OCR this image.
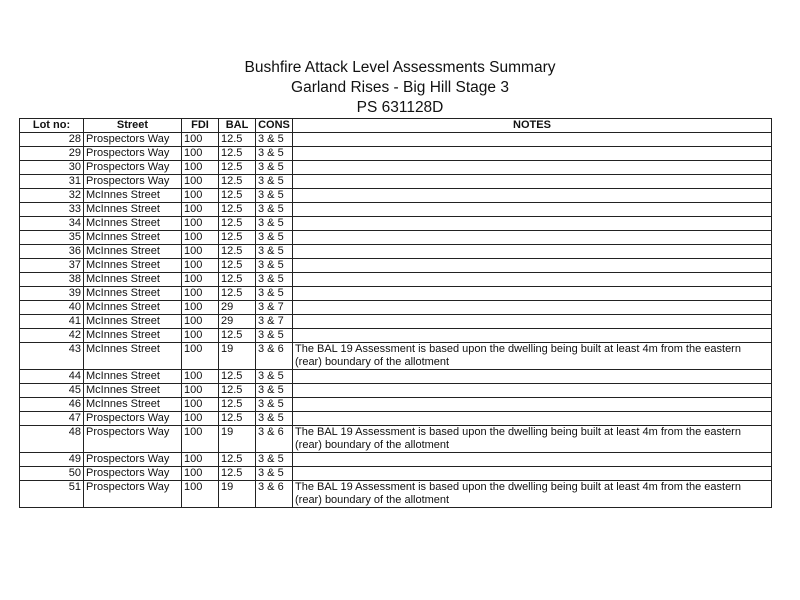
Bushfire Attack Level Assessments Summary
Garland Rises - Big Hill Stage 3
PS 631128D
Lot no:	Street	FDI	BAL	CONS	NOTES
28	Prospectors Way	100	12.5	3 & 5	
29	Prospectors Way	100	12.5	3 & 5	
30	Prospectors Way	100	12.5	3 & 5	
31	Prospectors Way	100	12.5	3 & 5	
32	McInnes Street	100	12.5	3 & 5	
33	McInnes Street	100	12.5	3 & 5	
34	McInnes Street	100	12.5	3 & 5	
35	McInnes Street	100	12.5	3 & 5	
36	McInnes Street	100	12.5	3 & 5	
37	McInnes Street	100	12.5	3 & 5	
38	McInnes Street	100	12.5	3 & 5	
39	McInnes Street	100	12.5	3 & 5	
40	McInnes Street	100	29	3 & 7	
41	McInnes Street	100	29	3 & 7	
42	McInnes Street	100	12.5	3 & 5	
43	McInnes Street	100	19	3 & 6	The BAL 19 Assessment is based upon the dwelling being built at least 4m from the eastern (rear) boundary of the allotment
44	McInnes Street	100	12.5	3 & 5	
45	McInnes Street	100	12.5	3 & 5	
46	McInnes Street	100	12.5	3 & 5	
47	Prospectors Way	100	12.5	3 & 5	
48	Prospectors Way	100	19	3 & 6	The BAL 19 Assessment is based upon the dwelling being built at least 4m from the eastern (rear) boundary of the allotment
49	Prospectors Way	100	12.5	3 & 5	
50	Prospectors Way	100	12.5	3 & 5	
51	Prospectors Way	100	19	3 & 6	The BAL 19 Assessment is based upon the dwelling being built at least 4m from the eastern (rear) boundary of the allotment
